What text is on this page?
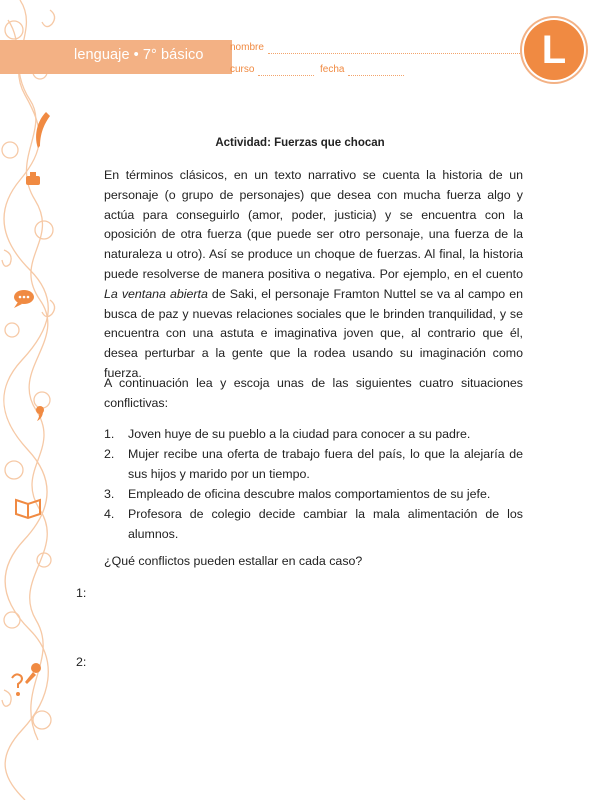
lenguaje • 7° básico	nombre
curso	fecha	L
Actividad: Fuerzas que chocan

En términos clásicos, en un texto narrativo se cuenta la historia de un personaje (o grupo de personajes) que desea con mucha fuerza algo y actúa para conseguirlo (amor, poder, justicia) y se encuentra con la oposición de otra fuerza (que puede ser otro personaje, una fuerza de la naturaleza u otro). Así se produce un choque de fuerzas. Al final, la historia puede resolverse de manera positiva o negativa. Por ejemplo, en el cuento La ventana abierta de Saki, el personaje Framton Nuttel se va al campo en busca de paz y nuevas relaciones sociales que le brinden tranquilidad, y se encuentra con una astuta e imaginativa joven que, al contrario que él, desea perturbar a la gente que la rodea usando su imaginación como fuerza.

A continuación lea y escoja unas de las siguientes cuatro situaciones conflictivas:

1. Joven huye de su pueblo a la ciudad para conocer a su padre.
2. Mujer recibe una oferta de trabajo fuera del país, lo que la alejaría de sus hijos y marido por un tiempo.
3. Empleado de oficina descubre malos comportamientos de su jefe.
4. Profesora de colegio decide cambiar la mala alimentación de los alumnos.
¿Qué conflictos pueden estallar en cada caso?
1:
2:
